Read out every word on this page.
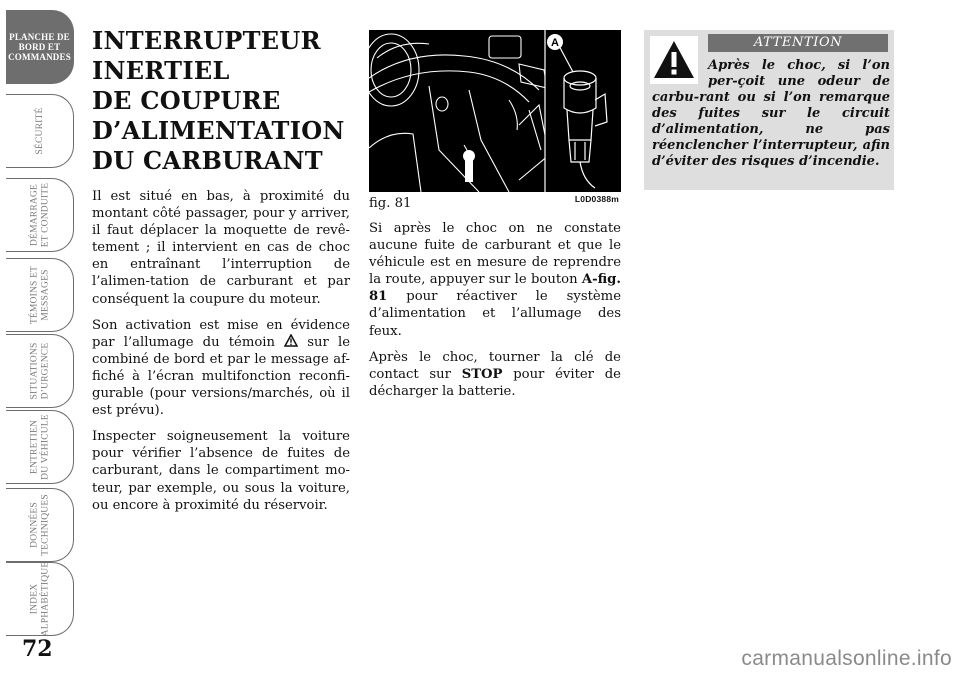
PLANCHE DE
BORD ET
COMMANDES
SÉCURITÉ
DÉMARRAGE
ET CONDUITE
TÉMOINS ET
MESSAGES
SITUATIONS
D’URGENCE
ENTRETIEN
DU VÉHICULE
DONNÉES
TECHNIQUES
INDEX
ALPHABÉTIQUE
72
INTERRUPTEUR
INERTIEL
DE COUPURE
D’ALIMENTATION
DU CARBURANT

Il est situé en bas, à proximité du montant côté passager, pour y arriver, il faut déplacer la moquette de revê-tement ; il intervient en cas de choc en entraînant l’interruption de l’alimen-tation de carburant et par conséquent la coupure du moteur.

Son activation est mise en évidence par l’allumage du témoin sur le combiné de bord et par le message af-fiché à l’écran multifonction reconfi-gurable (pour versions/marchés, où il est prévu).

Inspecter soigneusement la voiture pour vérifier l’absence de fuites de carburant, dans le compartiment mo-teur, par exemple, ou sous la voiture, ou encore à proximité du réservoir.

A
fig. 81	L0D0388m

Si après le choc on ne constate aucune fuite de carburant et que le véhicule est en mesure de reprendre la route, appuyer sur le bouton A-fig. 81 pour réactiver le système d’alimentation et l’allumage des feux.

Après le choc, tourner la clé de contact sur STOP pour éviter de décharger la batterie.

ATTENTION
Après le choc, si l’on per-çoit une odeur de carbu-rant ou si l’on remarque des fuites sur le circuit d’alimentation, ne pas réenclencher l’interrupteur, afin d’éviter des risques d’incendie.
carmanualsonline.info
